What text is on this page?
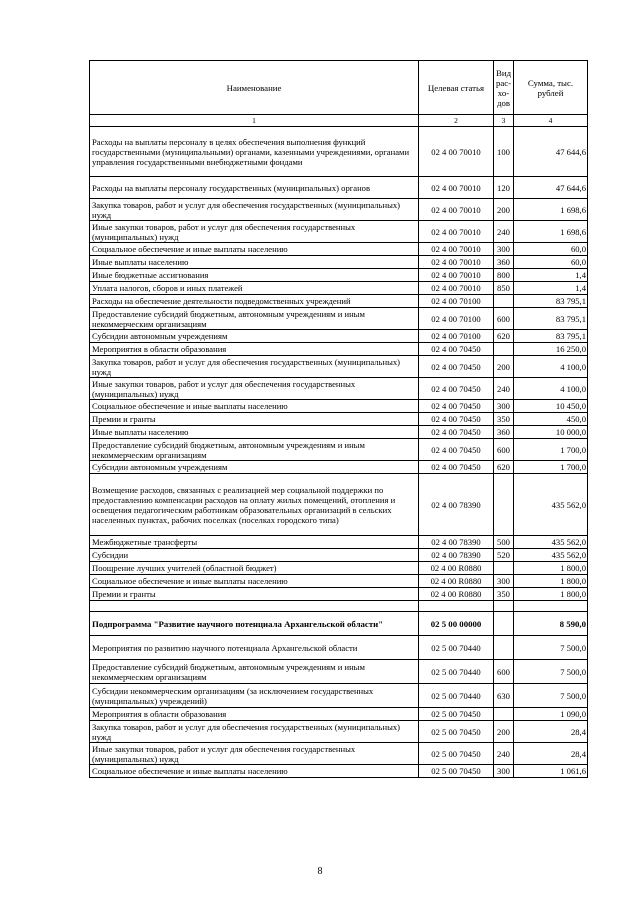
Наименование	Целевая статья	Вид рас-хо-дов	Сумма, тыс. рублей
1	2	3	4
Расходы на выплаты персоналу в целях обеспечения выполнения функций государственными (муниципальными) органами, казенными учреждениями, органами управления государственными внебюджетными фондами	02 4 00 70010	100	47 644,6
Расходы на выплаты персоналу государственных (муниципальных) органов	02 4 00 70010	120	47 644,6
Закупка товаров, работ и услуг для обеспечения государственных (муниципальных) нужд	02 4 00 70010	200	1 698,6
Иные закупки товаров, работ и услуг для обеспечения государственных (муниципальных) нужд	02 4 00 70010	240	1 698,6
Социальное обеспечение и иные выплаты населению	02 4 00 70010	300	60,0
Иные выплаты населению	02 4 00 70010	360	60,0
Иные бюджетные ассигнования	02 4 00 70010	800	1,4
Уплата налогов, сборов и иных платежей	02 4 00 70010	850	1,4
Расходы на обеспечение деятельности подведомственных учреждений	02 4 00 70100		83 795,1
Предоставление субсидий бюджетным, автономным учреждениям и иным некоммерческим организациям	02 4 00 70100	600	83 795,1
Субсидии автономным учреждениям	02 4 00 70100	620	83 795,1
Мероприятия в области образования	02 4 00 70450		16 250,0
Закупка товаров, работ и услуг для обеспечения государственных (муниципальных) нужд	02 4 00 70450	200	4 100,0
Иные закупки товаров, работ и услуг для обеспечения государственных (муниципальных) нужд	02 4 00 70450	240	4 100,0
Социальное обеспечение и иные выплаты населению	02 4 00 70450	300	10 450,0
Премии и гранты	02 4 00 70450	350	450,0
Иные выплаты населению	02 4 00 70450	360	10 000,0
Предоставление субсидий бюджетным, автономным учреждениям и иным некоммерческим организациям	02 4 00 70450	600	1 700,0
Субсидии автономным учреждениям	02 4 00 70450	620	1 700,0
Возмещение расходов, связанных с реализацией мер социальной поддержки по предоставлению компенсации расходов на оплату жилых помещений, отопления и освещения педагогическим работникам образовательных организаций в сельских населенных пунктах, рабочих поселках (поселках городского типа)	02 4 00 78390		435 562,0
Межбюджетные трансферты	02 4 00 78390	500	435 562,0
Субсидии	02 4 00 78390	520	435 562,0
Поощрение лучших учителей (областной бюджет)	02 4 00 R0880		1 800,0
Социальное обеспечение и иные выплаты населению	02 4 00 R0880	300	1 800,0
Премии и гранты	02 4 00 R0880	350	1 800,0

Подпрограмма "Развитие научного потенциала Архангельской области"	02 5 00 00000		8 590,0
Мероприятия по развитию научного потенциала Архангельской области	02 5 00 70440		7 500,0
Предоставление субсидий бюджетным, автономным учреждениям и иным некоммерческим организациям	02 5 00 70440	600	7 500,0
Субсидии некоммерческим организациям (за исключением государственных (муниципальных) учреждений)	02 5 00 70440	630	7 500,0
Мероприятия в области образования	02 5 00 70450		1 090,0
Закупка товаров, работ и услуг для обеспечения государственных (муниципальных) нужд	02 5 00 70450	200	28,4
Иные закупки товаров, работ и услуг для обеспечения государственных (муниципальных) нужд	02 5 00 70450	240	28,4
Социальное обеспечение и иные выплаты населению	02 5 00 70450	300	1 061,6
8
